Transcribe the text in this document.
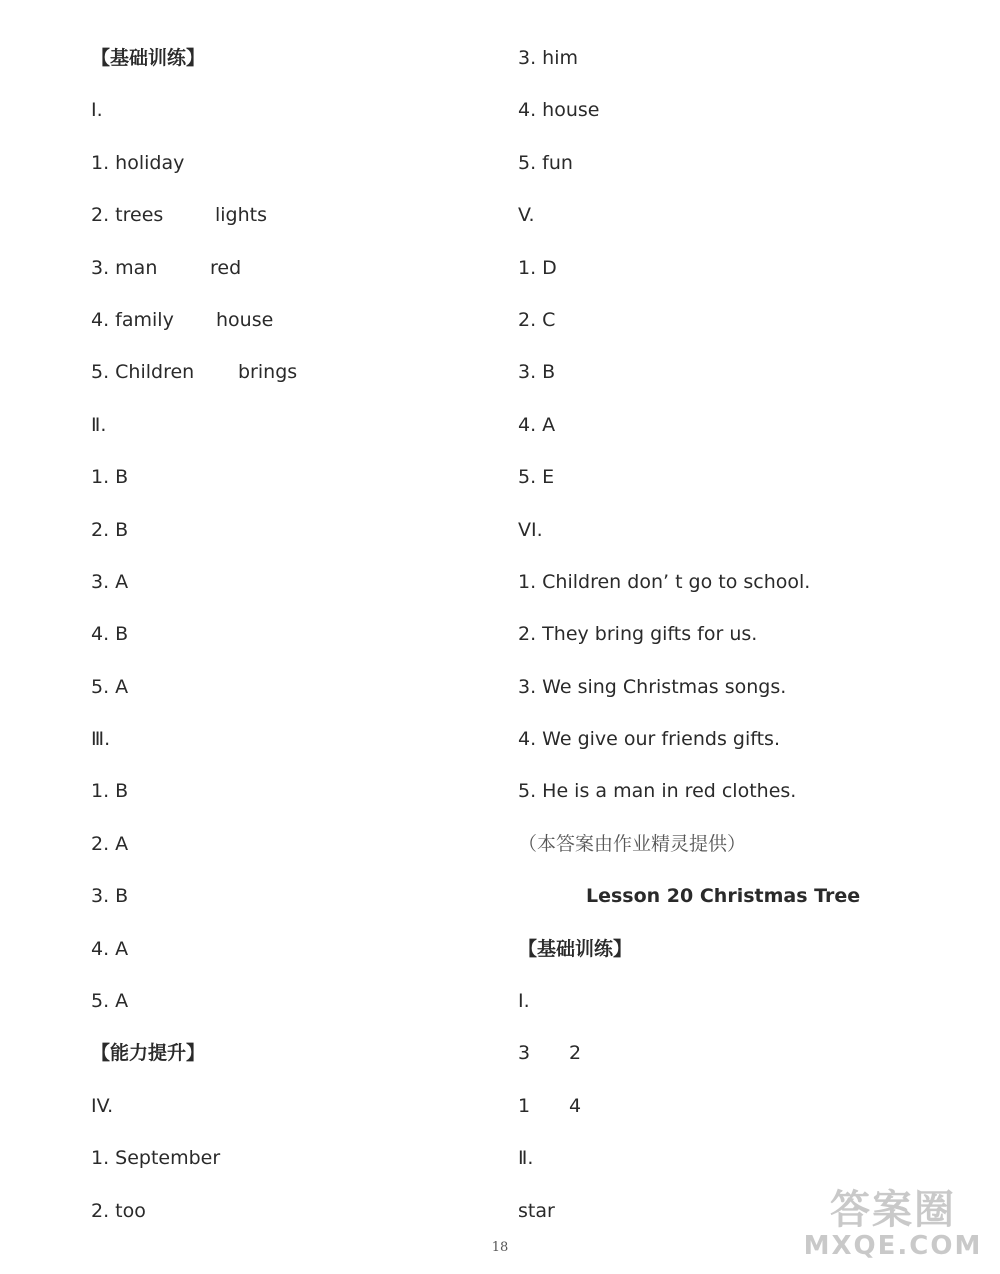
【基础训练】
Ⅰ.
1. holiday
2. trees	lights
3. man	red
4. family house
5. Children brings
Ⅱ.
1. B
2. B
3. A
4. B
5. A
Ⅲ.
1. B
2. A
3. B
4. A
5. A
【能力提升】
IV.
1. September
2. too
3. him
4. house
5. fun
V.
1. D
2. C
3. B
4. A
5. E
VI.
1. Children don’ t go to school.
2. They bring gifts for us.
3. We sing Christmas songs.
4. We give our friends gifts.
5. He is a man in red clothes.
（本答案由作业精灵提供）
Lesson 20 Christmas Tree
【基础训练】
Ⅰ.
3 2
1 4
Ⅱ.
star
18
答案圈
MXQE.COM
